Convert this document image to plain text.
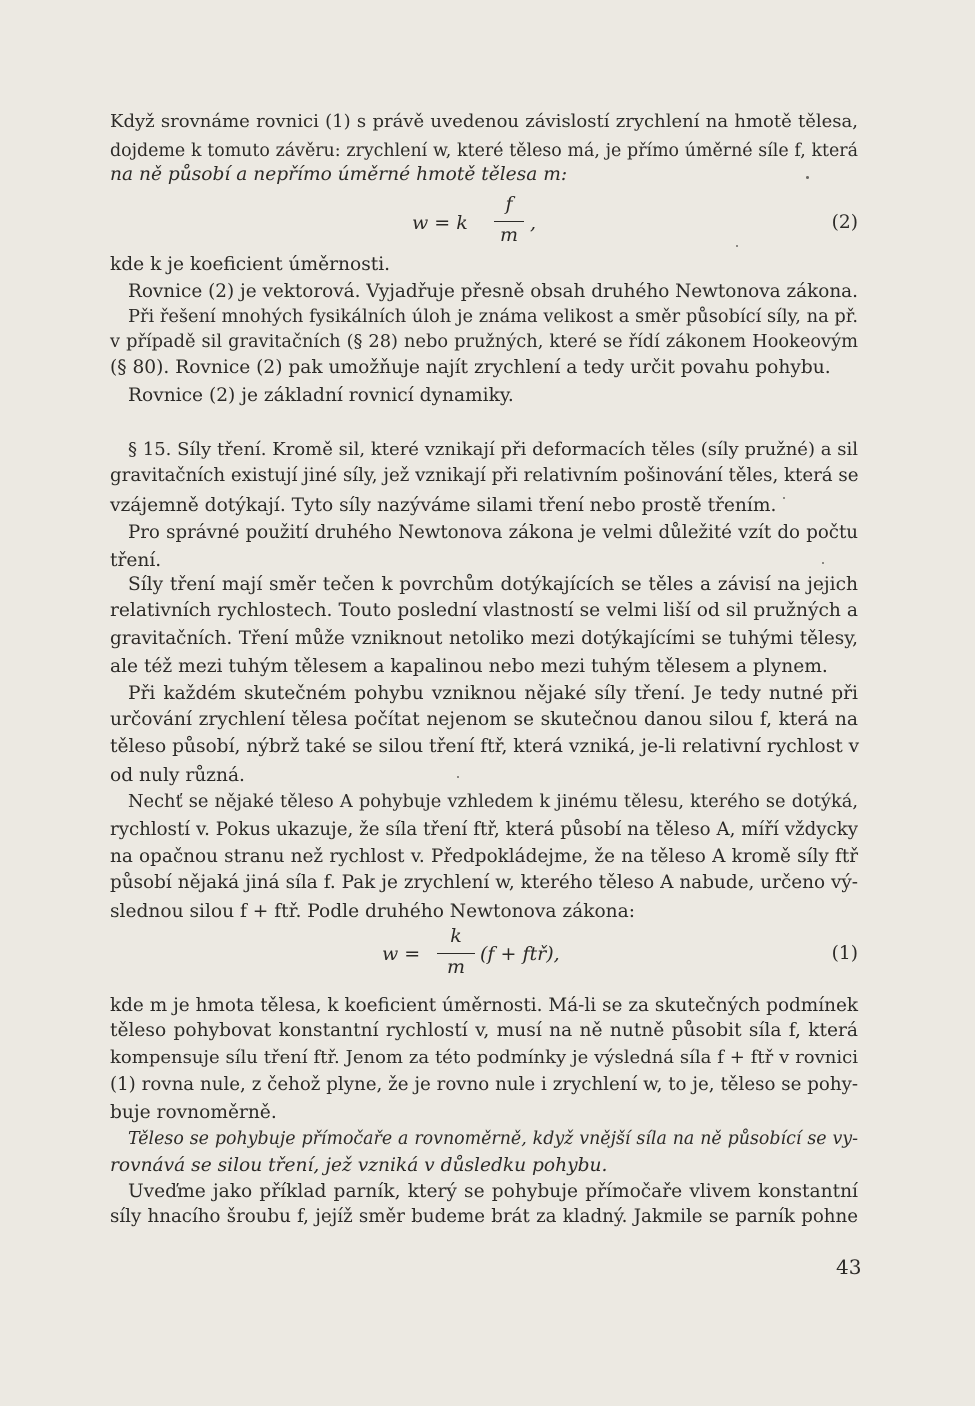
Když srovnáme rovnici (1) s právě uvedenou závislostí zrychlení na hmotě tělesa,
dojdeme k tomuto závěru: zrychlení w, které těleso má, je přímo úměrné síle f, která
na ně působí a nepřímo úměrné hmotě tělesa m:
w = k
f
m
,	(2)
kde k je koeficient úměrnosti.
Rovnice (2) je vektorová. Vyjadřuje přesně obsah druhého Newtonova zákona.
Při řešení mnohých fysikálních úloh je známa velikost a směr působící síly, na př.
v případě sil gravitačních (§ 28) nebo pružných, které se řídí zákonem Hookeovým
(§ 80). Rovnice (2) pak umožňuje najít zrychlení a tedy určit povahu pohybu.
Rovnice (2) je základní rovnicí dynamiky.
§ 15. Síly tření. Kromě sil, které vznikají při deformacích těles (síly pružné) a sil
gravitačních existují jiné síly, jež vznikají při relativním pošinování těles, která se
vzájemně dotýkají. Tyto síly nazýváme silami tření nebo prostě třením.
Pro správné použití druhého Newtonova zákona je velmi důležité vzít do počtu
tření.
Síly tření mají směr tečen k povrchům dotýkajících se těles a závisí na jejich
relativních rychlostech. Touto poslední vlastností se velmi liší od sil pružných a
gravitačních. Tření může vzniknout netoliko mezi dotýkajícími se tuhými tělesy,
ale též mezi tuhým tělesem a kapalinou nebo mezi tuhým tělesem a plynem.
Při každém skutečném pohybu vzniknou nějaké síly tření. Je tedy nutné při
určování zrychlení tělesa počítat nejenom se skutečnou danou silou f, která na
těleso působí, nýbrž také se silou tření ftř, která vzniká, je-li relativní rychlost v
od nuly různá.
Nechť se nějaké těleso A pohybuje vzhledem k jinému tělesu, kterého se dotýká,
rychlostí v. Pokus ukazuje, že síla tření ftř, která působí na těleso A, míří vždycky
na opačnou stranu než rychlost v. Předpokládejme, že na těleso A kromě síly ftř
působí nějaká jiná síla f. Pak je zrychlení w, kterého těleso A nabude, určeno vý-
slednou silou f + ftř. Podle druhého Newtonova zákona:
w =
k
m
(f + ftř),	(1)
kde m je hmota tělesa, k koeficient úměrnosti. Má-li se za skutečných podmínek
těleso pohybovat konstantní rychlostí v, musí na ně nutně působit síla f, která
kompensuje sílu tření ftř. Jenom za této podmínky je výsledná síla f + ftř v rovnici
(1) rovna nule, z čehož plyne, že je rovno nule i zrychlení w, to je, těleso se pohy-
buje rovnoměrně.
Těleso se pohybuje přímočaře a rovnoměrně, když vnější síla na ně působící se vy-
rovnává se silou tření, jež vzniká v důsledku pohybu.
Uveďme jako příklad parník, který se pohybuje přímočaře vlivem konstantní
síly hnacího šroubu f, jejíž směr budeme brát za kladný. Jakmile se parník pohne
43
